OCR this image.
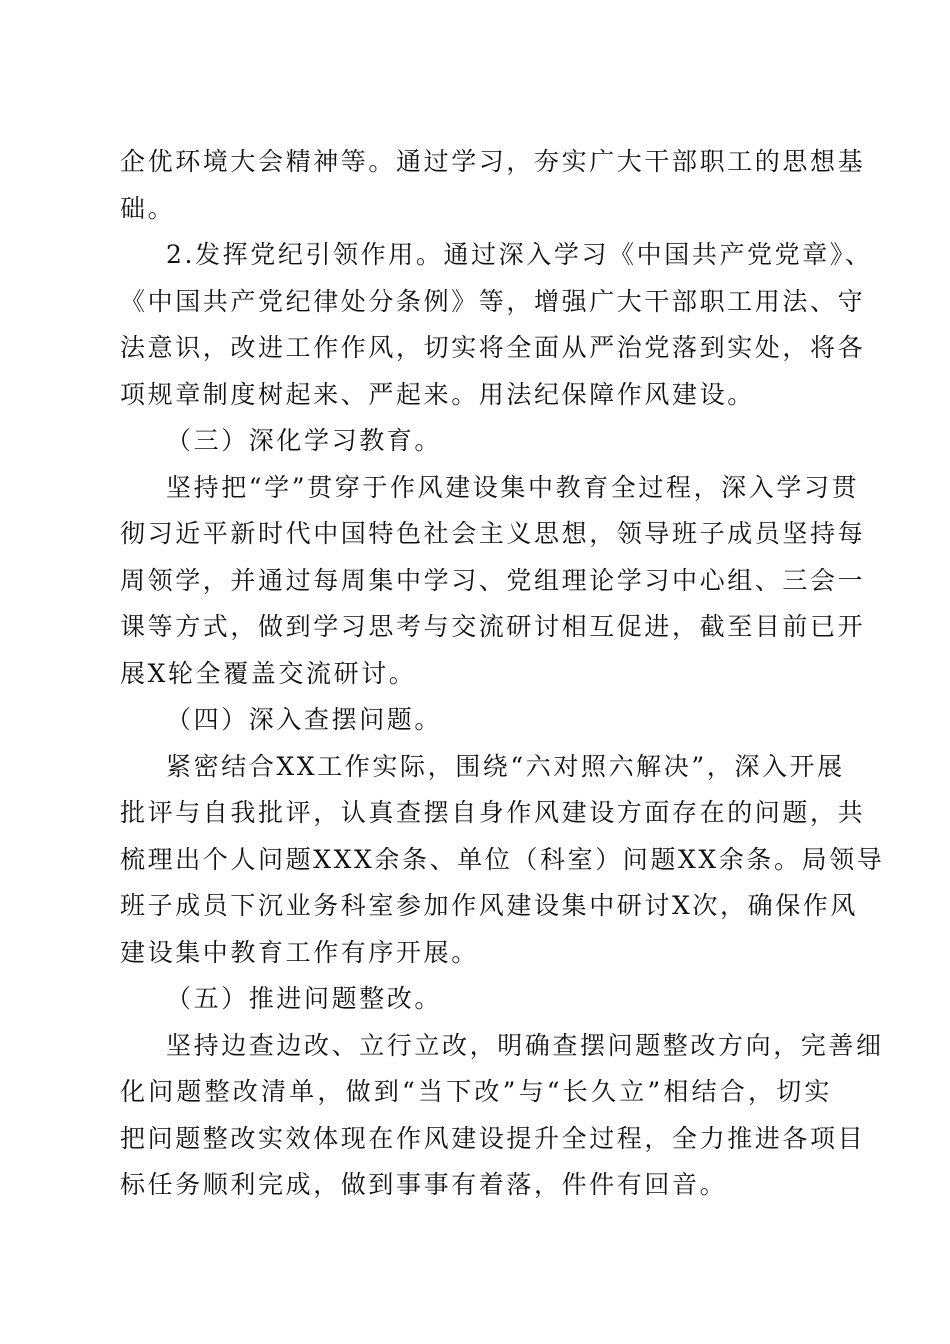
企优环境大会精神等。通过学习，夯实广大干部职工的思想基
础。
2.发挥党纪引领作用。通过深入学习《中国共产党党章》、
《中国共产党纪律处分条例》等，增强广大干部职工用法、守
法意识，改进工作作风，切实将全面从严治党落到实处，将各
项规章制度树起来、严起来。用法纪保障作风建设。
（三）深化学习教育。
坚持把“学”贯穿于作风建设集中教育全过程，深入学习贯
彻习近平新时代中国特色社会主义思想，领导班子成员坚持每
周领学，并通过每周集中学习、党组理论学习中心组、三会一
课等方式，做到学习思考与交流研讨相互促进，截至目前已开
展X轮全覆盖交流研讨。
（四）深入查摆问题。
紧密结合XX工作实际，围绕“六对照六解决”，深入开展
批评与自我批评，认真查摆自身作风建设方面存在的问题，共
梳理出个人问题XXX余条、单位（科室）问题XX余条。局领导
班子成员下沉业务科室参加作风建设集中研讨X次，确保作风
建设集中教育工作有序开展。
（五）推进问题整改。
坚持边查边改、立行立改，明确查摆问题整改方向，完善细
化问题整改清单，做到“当下改”与“长久立”相结合，切实
把问题整改实效体现在作风建设提升全过程，全力推进各项目
标任务顺利完成，做到事事有着落，件件有回音。
